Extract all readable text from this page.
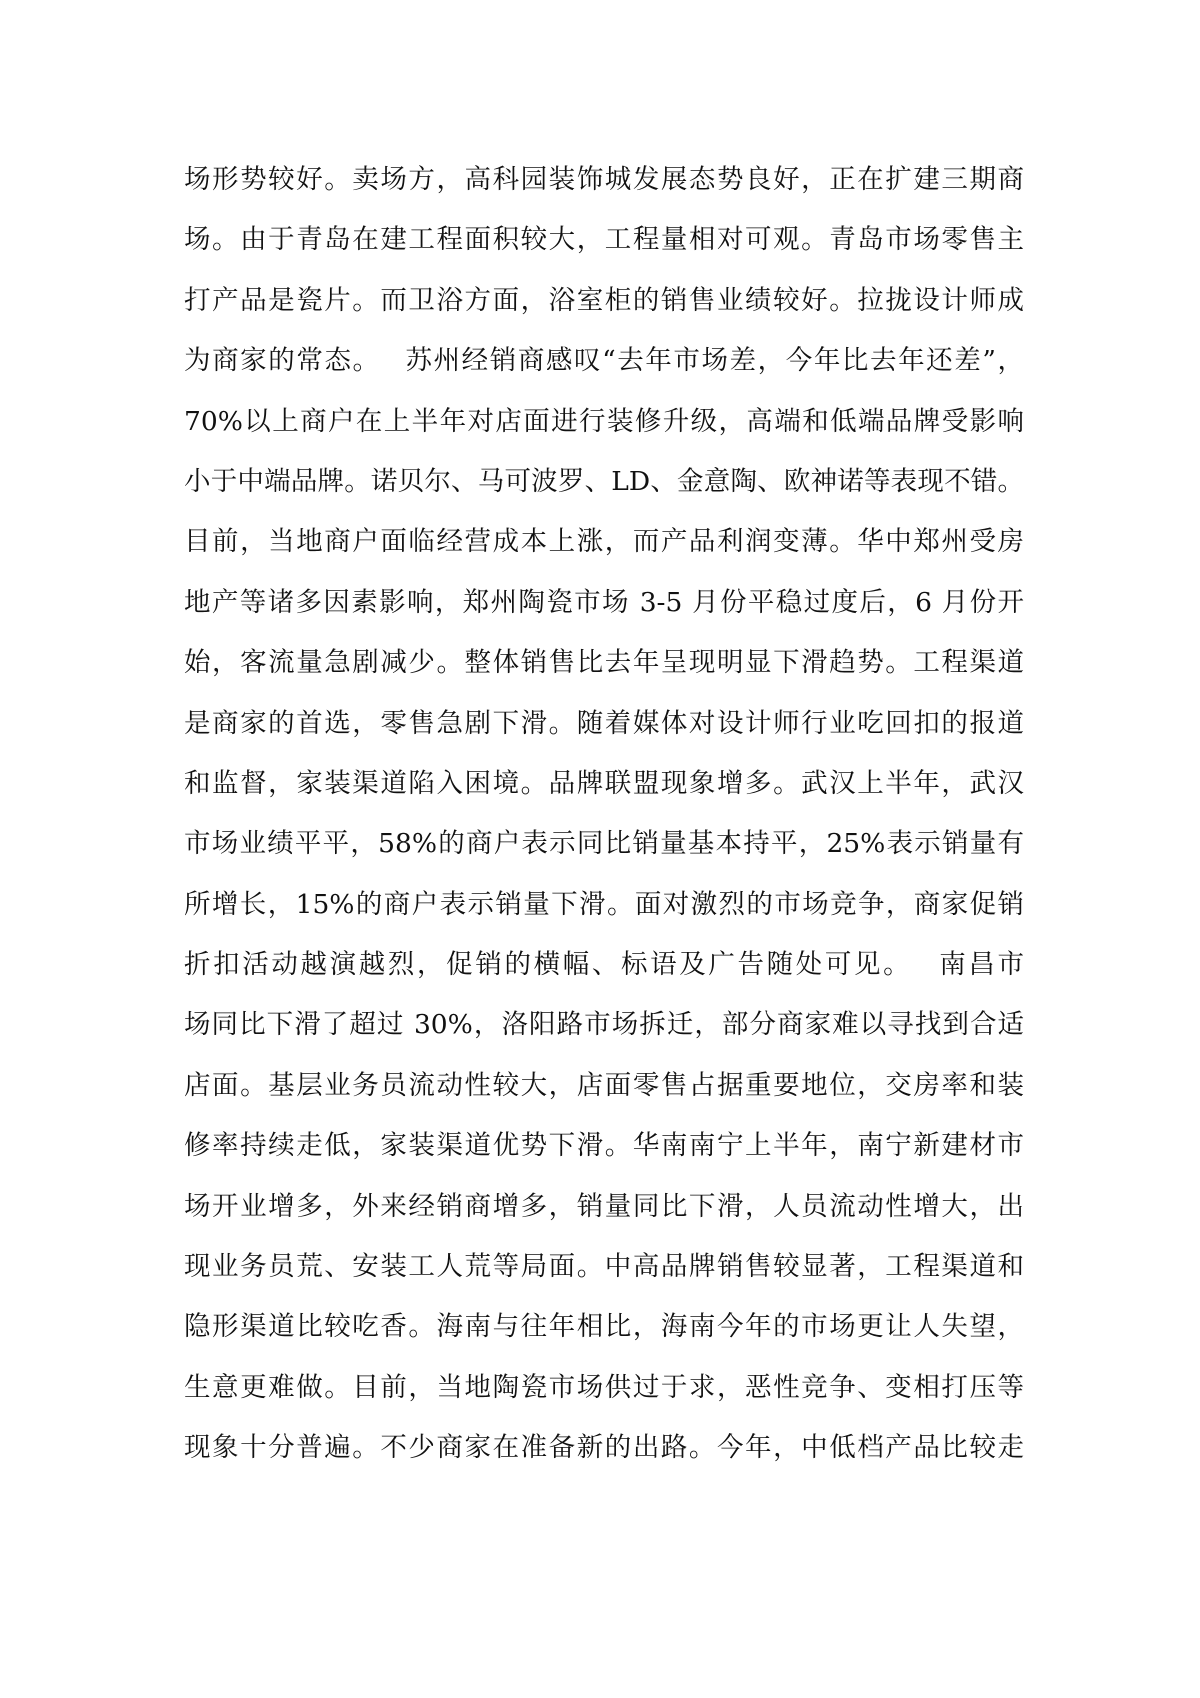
场形势较好。卖场方，高科园装饰城发展态势良好，正在扩建三期商
场。由于青岛在建工程面积较大，工程量相对可观。青岛市场零售主
打产品是瓷片。而卫浴方面，浴室柜的销售业绩较好。拉拢设计师成
为商家的常态。　 苏州经销商感叹“去年市场差，今年比去年还差”，
70%以上商户在上半年对店面进行装修升级，高端和低端品牌受影响
小于中端品牌。诺贝尔、马可波罗、LD、金意陶、欧神诺等表现不错。
目前，当地商户面临经营成本上涨，而产品利润变薄。华中郑州受房
地产等诸多因素影响，郑州陶瓷市场 3-5 月份平稳过度后，6 月份开
始，客流量急剧减少。整体销售比去年呈现明显下滑趋势。工程渠道
是商家的首选，零售急剧下滑。随着媒体对设计师行业吃回扣的报道
和监督，家装渠道陷入困境。品牌联盟现象增多。武汉上半年，武汉
市场业绩平平，58%的商户表示同比销量基本持平，25%表示销量有
所增长，15%的商户表示销量下滑。面对激烈的市场竞争，商家促销
折扣活动越演越烈，促销的横幅、标语及广告随处可见。　 南昌市
场同比下滑了超过 30%，洛阳路市场拆迁，部分商家难以寻找到合适
店面。基层业务员流动性较大，店面零售占据重要地位，交房率和装
修率持续走低，家装渠道优势下滑。华南南宁上半年，南宁新建材市
场开业增多，外来经销商增多，销量同比下滑，人员流动性增大，出
现业务员荒、安装工人荒等局面。中高品牌销售较显著，工程渠道和
隐形渠道比较吃香。海南与往年相比，海南今年的市场更让人失望，
生意更难做。目前，当地陶瓷市场供过于求，恶性竞争、变相打压等
现象十分普遍。不少商家在准备新的出路。今年，中低档产品比较走
